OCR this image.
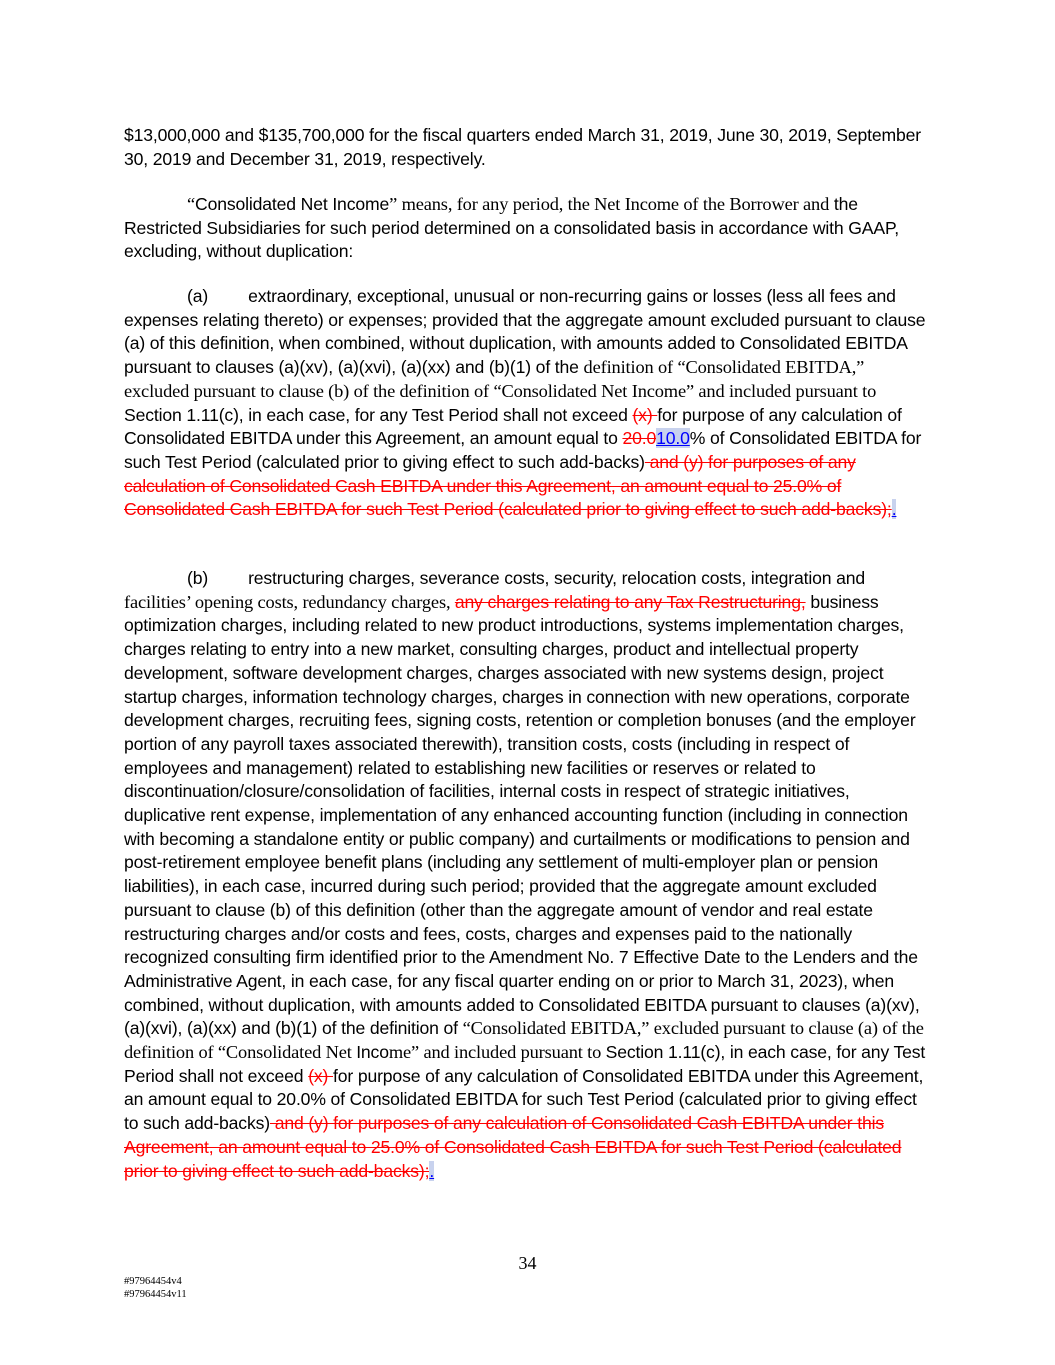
$13,000,000 and $135,700,000 for the fiscal quarters ended March 31, 2019, June 30, 2019, September 30, 2019 and December 31, 2019, respectively.
“Consolidated Net Income” means, for any period, the Net Income of the Borrower and the Restricted Subsidiaries for such period determined on a consolidated basis in accordance with GAAP, excluding, without duplication:
(a) extraordinary, exceptional, unusual or non-recurring gains or losses (less all fees and expenses relating thereto) or expenses; provided that the aggregate amount excluded pursuant to clause (a) of this definition, when combined, without duplication, with amounts added to Consolidated EBITDA pursuant to clauses (a)(xv), (a)(xvi), (a)(xx) and (b)(1) of the definition of “Consolidated EBITDA,” excluded pursuant to clause (b) of the definition of “Consolidated Net Income” and included pursuant to Section 1.11(c), in each case, for any Test Period shall not exceed (x) for purpose of any calculation of Consolidated EBITDA under this Agreement, an amount equal to 20.010.0% of Consolidated EBITDA for such Test Period (calculated prior to giving effect to such add-backs) and (y) for purposes of any calculation of Consolidated Cash EBITDA under this Agreement, an amount equal to 25.0% of Consolidated Cash EBITDA for such Test Period (calculated prior to giving effect to such add-backs);.
(b) restructuring charges, severance costs, security, relocation costs, integration and facilities’ opening costs, redundancy charges, any charges relating to any Tax Restructuring, business optimization charges, including related to new product introductions, systems implementation charges, charges relating to entry into a new market, consulting charges, product and intellectual property development, software development charges, charges associated with new systems design, project startup charges, information technology charges, charges in connection with new operations, corporate development charges, recruiting fees, signing costs, retention or completion bonuses (and the employer portion of any payroll taxes associated therewith), transition costs, costs (including in respect of employees and management) related to establishing new facilities or reserves or related to discontinuation/closure/consolidation of facilities, internal costs in respect of strategic initiatives, duplicative rent expense, implementation of any enhanced accounting function (including in connection with becoming a standalone entity or public company) and curtailments or modifications to pension and post-retirement employee benefit plans (including any settlement of multi-employer plan or pension liabilities), in each case, incurred during such period; provided that the aggregate amount excluded pursuant to clause (b) of this definition (other than the aggregate amount of vendor and real estate restructuring charges and/or costs and fees, costs, charges and expenses paid to the nationally recognized consulting firm identified prior to the Amendment No. 7 Effective Date to the Lenders and the Administrative Agent, in each case, for any fiscal quarter ending on or prior to March 31, 2023), when combined, without duplication, with amounts added to Consolidated EBITDA pursuant to clauses (a)(xv), (a)(xvi), (a)(xx) and (b)(1) of the definition of “Consolidated EBITDA,” excluded pursuant to clause (a) of the definition of “Consolidated Net Income” and included pursuant to Section 1.11(c), in each case, for any Test Period shall not exceed (x) for purpose of any calculation of Consolidated EBITDA under this Agreement, an amount equal to 20.0% of Consolidated EBITDA for such Test Period (calculated prior to giving effect to such add-backs) and (y) for purposes of any calculation of Consolidated Cash EBITDA under this Agreement, an amount equal to 25.0% of Consolidated Cash EBITDA for such Test Period (calculated prior to giving effect to such add-backs);.
34
#97964454v4
#97964454v11
